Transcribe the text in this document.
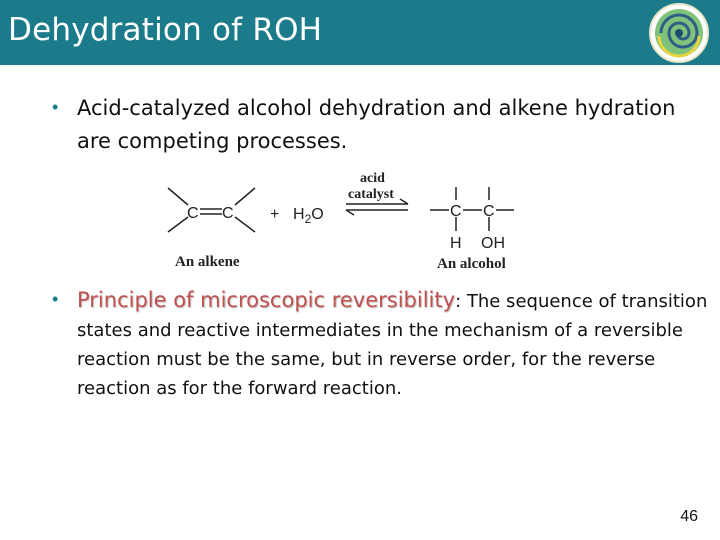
Dehydration of ROH
• Acid-catalyzed alcohol dehydration and alkene hydration are competing processes.
C C
An alkene
+ $H_2O$
acid
catalyst
C C
H OH
An alcohol
• Principle of microscopic reversibility: The sequence of transition states and reactive intermediates in the mechanism of a reversible reaction must be the same, but in reverse order, for the reverse reaction as for the forward reaction.
46
